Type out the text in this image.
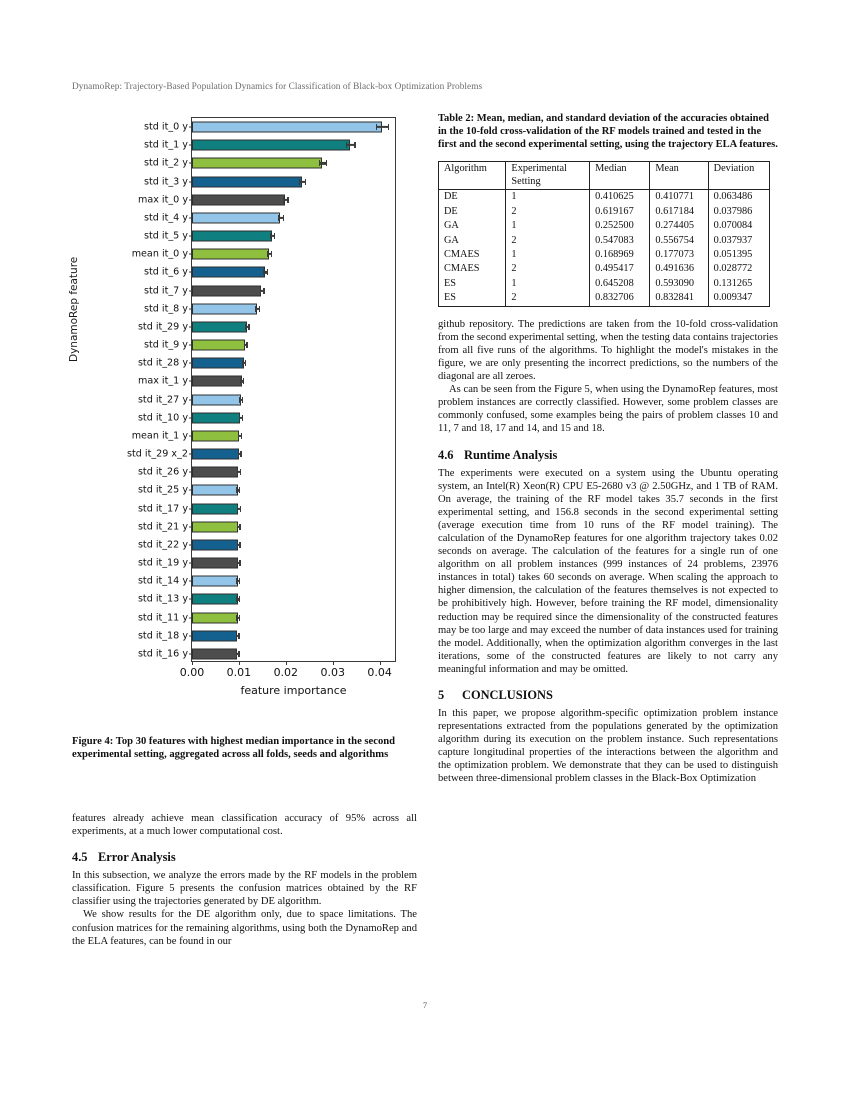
DynamoRep: Trajectory-Based Population Dynamics for Classification of Black-box Optimization Problems
DynamoRep feature
std it_0 y
std it_1 y
std it_2 y
std it_3 y
max it_0 y
std it_4 y
std it_5 y
mean it_0 y
std it_6 y
std it_7 y
std it_8 y
std it_29 y
std it_9 y
std it_28 y
max it_1 y
std it_27 y
std it_10 y
mean it_1 y
std it_29 x_2
std it_26 y
std it_25 y
std it_17 y
std it_21 y
std it_22 y
std it_19 y
std it_14 y
std it_13 y
std it_11 y
std it_18 y
std it_16 y
0.00 0.01 0.02 0.03 0.04
feature importance
Figure 4: Top 30 features with highest median importance in the second experimental setting, aggregated across all folds, seeds and algorithms

features already achieve mean classification accuracy of 95% across all experiments, at a much lower computational cost.

4.5 Error Analysis

In this subsection, we analyze the errors made by the RF models in the problem classification. Figure 5 presents the confusion matrices obtained by the RF classifier using the trajectories generated by DE algorithm.

We show results for the DE algorithm only, due to space limitations. The confusion matrices for the remaining algorithms, using both the DynamoRep and the ELA features, can be found in our

Table 2: Mean, median, and standard deviation of the accuracies obtained in the 10-fold cross-validation of the RF models trained and tested in the first and the second experimental setting, using the trajectory ELA features.
Algorithm	Experimental	Median	Mean	Deviation
	Setting			
DE	1	0.410625	0.410771	0.063486
DE	2	0.619167	0.617184	0.037986
GA	1	0.252500	0.274405	0.070084
GA	2	0.547083	0.556754	0.037937
CMAES	1	0.168969	0.177073	0.051395
CMAES	2	0.495417	0.491636	0.028772
ES	1	0.645208	0.593090	0.131265
ES	2	0.832706	0.832841	0.009347

github repository. The predictions are taken from the 10-fold cross-validation from the second experimental setting, when the testing data contains trajectories from all five runs of the algorithms. To highlight the model's mistakes in the figure, we are only presenting the incorrect predictions, so the numbers of the diagonal are all zeroes.

As can be seen from the Figure 5, when using the DynamoRep features, most problem instances are correctly classified. However, some problem classes are commonly confused, some examples being the pairs of problem classes 10 and 11, 7 and 18, 17 and 14, and 15 and 18.

4.6 Runtime Analysis

The experiments were executed on a system using the Ubuntu operating system, an Intel(R) Xeon(R) CPU E5-2680 v3 @ 2.50GHz, and 1 TB of RAM. On average, the training of the RF model takes 35.7 seconds in the first experimental setting, and 156.8 seconds in the second experimental setting (average execution time from 10 runs of the RF model training). The calculation of the DynamoRep features for one algorithm trajectory takes 0.02 seconds on average. The calculation of the features for a single run of one algorithm on all problem instances (999 instances of 24 problems, 23976 instances in total) takes 60 seconds on average. When scaling the approach to higher dimension, the calculation of the features themselves is not expected to be prohibitively high. However, before training the RF model, dimensionality reduction may be required since the dimensionality of the constructed features may be too large and may exceed the number of data instances used for training the model. Additionally, when the optimization algorithm converges in the last iterations, some of the constructed features are likely to not carry any meaningful information and may be omitted.

5 CONCLUSIONS

In this paper, we propose algorithm-specific optimization problem instance representations extracted from the populations generated by the optimization algorithm during its execution on the problem instance. Such representations capture longitudinal properties of the interactions between the algorithm and the optimization problem. We demonstrate that they can be used to distinguish between three-dimensional problem classes in the Black-Box Optimization

7
